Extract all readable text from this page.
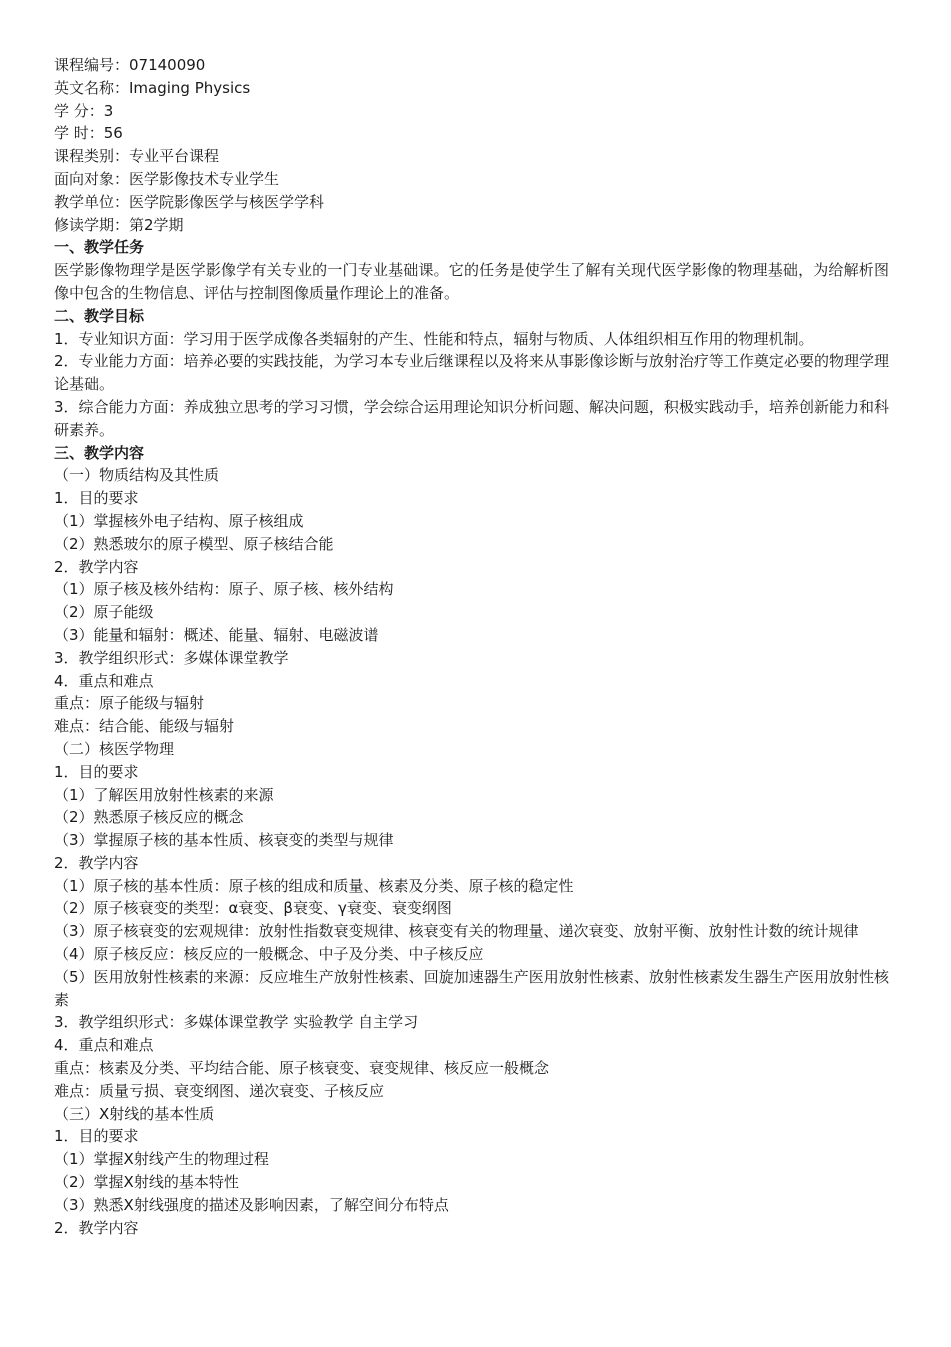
课程编号：07140090

英文名称：Imaging Physics

学 分：3

学 时：56

课程类别：专业平台课程

面向对象：医学影像技术专业学生

教学单位：医学院影像医学与核医学学科

修读学期：第2学期

一、教学任务

医学影像物理学是医学影像学有关专业的一门专业基础课。它的任务是使学生了解有关现代医学影像的物理基础，为给解析图像中包含的生物信息、评估与控制图像质量作理论上的准备。

二、教学目标

1．专业知识方面：学习用于医学成像各类辐射的产生、性能和特点，辐射与物质、人体组织相互作用的物理机制。

2．专业能力方面：培养必要的实践技能，为学习本专业后继课程以及将来从事影像诊断与放射治疗等工作奠定必要的物理学理论基础。

3．综合能力方面：养成独立思考的学习习惯，学会综合运用理论知识分析问题、解决问题，积极实践动手，培养创新能力和科研素养。

三、教学内容

（一）物质结构及其性质

1．目的要求

（1）掌握核外电子结构、原子核组成

（2）熟悉玻尔的原子模型、原子核结合能

2．教学内容

（1）原子核及核外结构：原子、原子核、核外结构

（2）原子能级

（3）能量和辐射：概述、能量、辐射、电磁波谱

3．教学组织形式：多媒体课堂教学

4．重点和难点

重点：原子能级与辐射

难点：结合能、能级与辐射

（二）核医学物理

1．目的要求

（1）了解医用放射性核素的来源

（2）熟悉原子核反应的概念

（3）掌握原子核的基本性质、核衰变的类型与规律

2．教学内容

（1）原子核的基本性质：原子核的组成和质量、核素及分类、原子核的稳定性

（2）原子核衰变的类型：α衰变、β衰变、γ衰变、衰变纲图

（3）原子核衰变的宏观规律：放射性指数衰变规律、核衰变有关的物理量、递次衰变、放射平衡、放射性计数的统计规律

（4）原子核反应：核反应的一般概念、中子及分类、中子核反应

（5）医用放射性核素的来源：反应堆生产放射性核素、回旋加速器生产医用放射性核素、放射性核素发生器生产医用放射性核素

3．教学组织形式：多媒体课堂教学 实验教学 自主学习

4．重点和难点

重点：核素及分类、平均结合能、原子核衰变、衰变规律、核反应一般概念

难点：质量亏损、衰变纲图、递次衰变、子核反应

（三）X射线的基本性质

1．目的要求

（1）掌握X射线产生的物理过程

（2）掌握X射线的基本特性

（3）熟悉X射线强度的描述及影响因素，了解空间分布特点

2．教学内容
